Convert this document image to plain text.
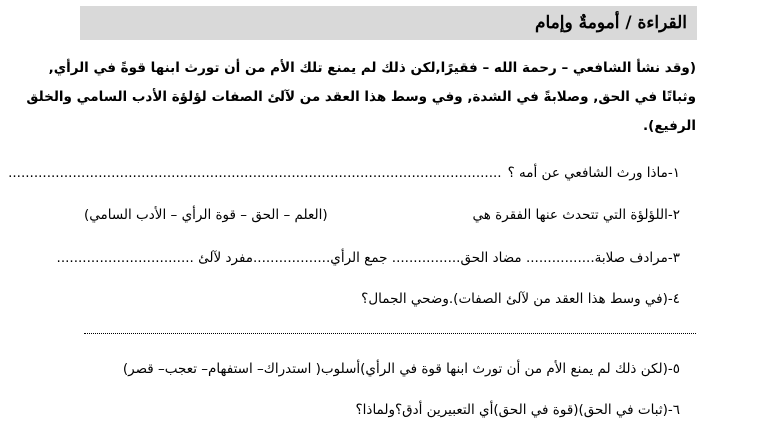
القراءة / أمومةٌ وإمام
(وقد نشأ الشافعي – رحمة الله – فقيرًا,لكن ذلك لم يمنع تلك الأم من أن تورث ابنها قوةً في الرأي,
وثباتًا في الحق, وصلابةً في الشدة, وفي وسط هذا العقد من لآلئ الصفات لؤلؤة الأدب السامي والخلق
الرفيع).
١-ماذا ورث الشافعي عن أمه ؟
...................................................................................................................
٢-اللؤلؤة التي تتحدث عنها الفقرة هي
(العلم – الحق – قوة الرأي – الأدب السامي)
٣-مرادف صلابة................ مضاد الحق................ جمع الرأي..................مفرد لآلئ ................................
٤-(في وسط هذا العقد من لآلئ الصفات).وضحي الجمال؟
٥-(لكن ذلك لم يمنع الأم من أن تورث ابنها قوة في الرأي)أسلوب( استدراك– استفهام– تعجب– قصر)
٦-(ثبات في الحق)(قوة في الحق)أي التعبيرين أدق؟ولماذا؟
